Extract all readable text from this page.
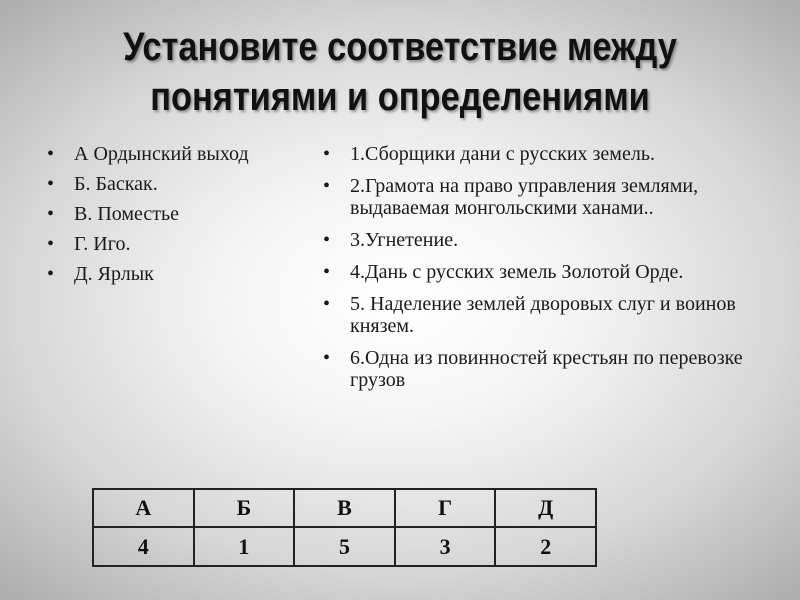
Установите соответствие между понятиями и определениями
• А Ордынский выход
• Б. Баскак.
• В. Поместье
• Г. Иго.
• Д. Ярлык
• 1.Сборщики дани с русских земель.
• 2.Грамота на право управления землями, выдаваемая монгольскими ханами..
• 3.Угнетение.
• 4.Дань с русских земель Золотой Орде.
• 5. Наделение землей дворовых слуг и воинов князем.
• 6.Одна из повинностей крестьян по перевозке грузов
А	Б	В	Г	Д
4	1	5	3	2
